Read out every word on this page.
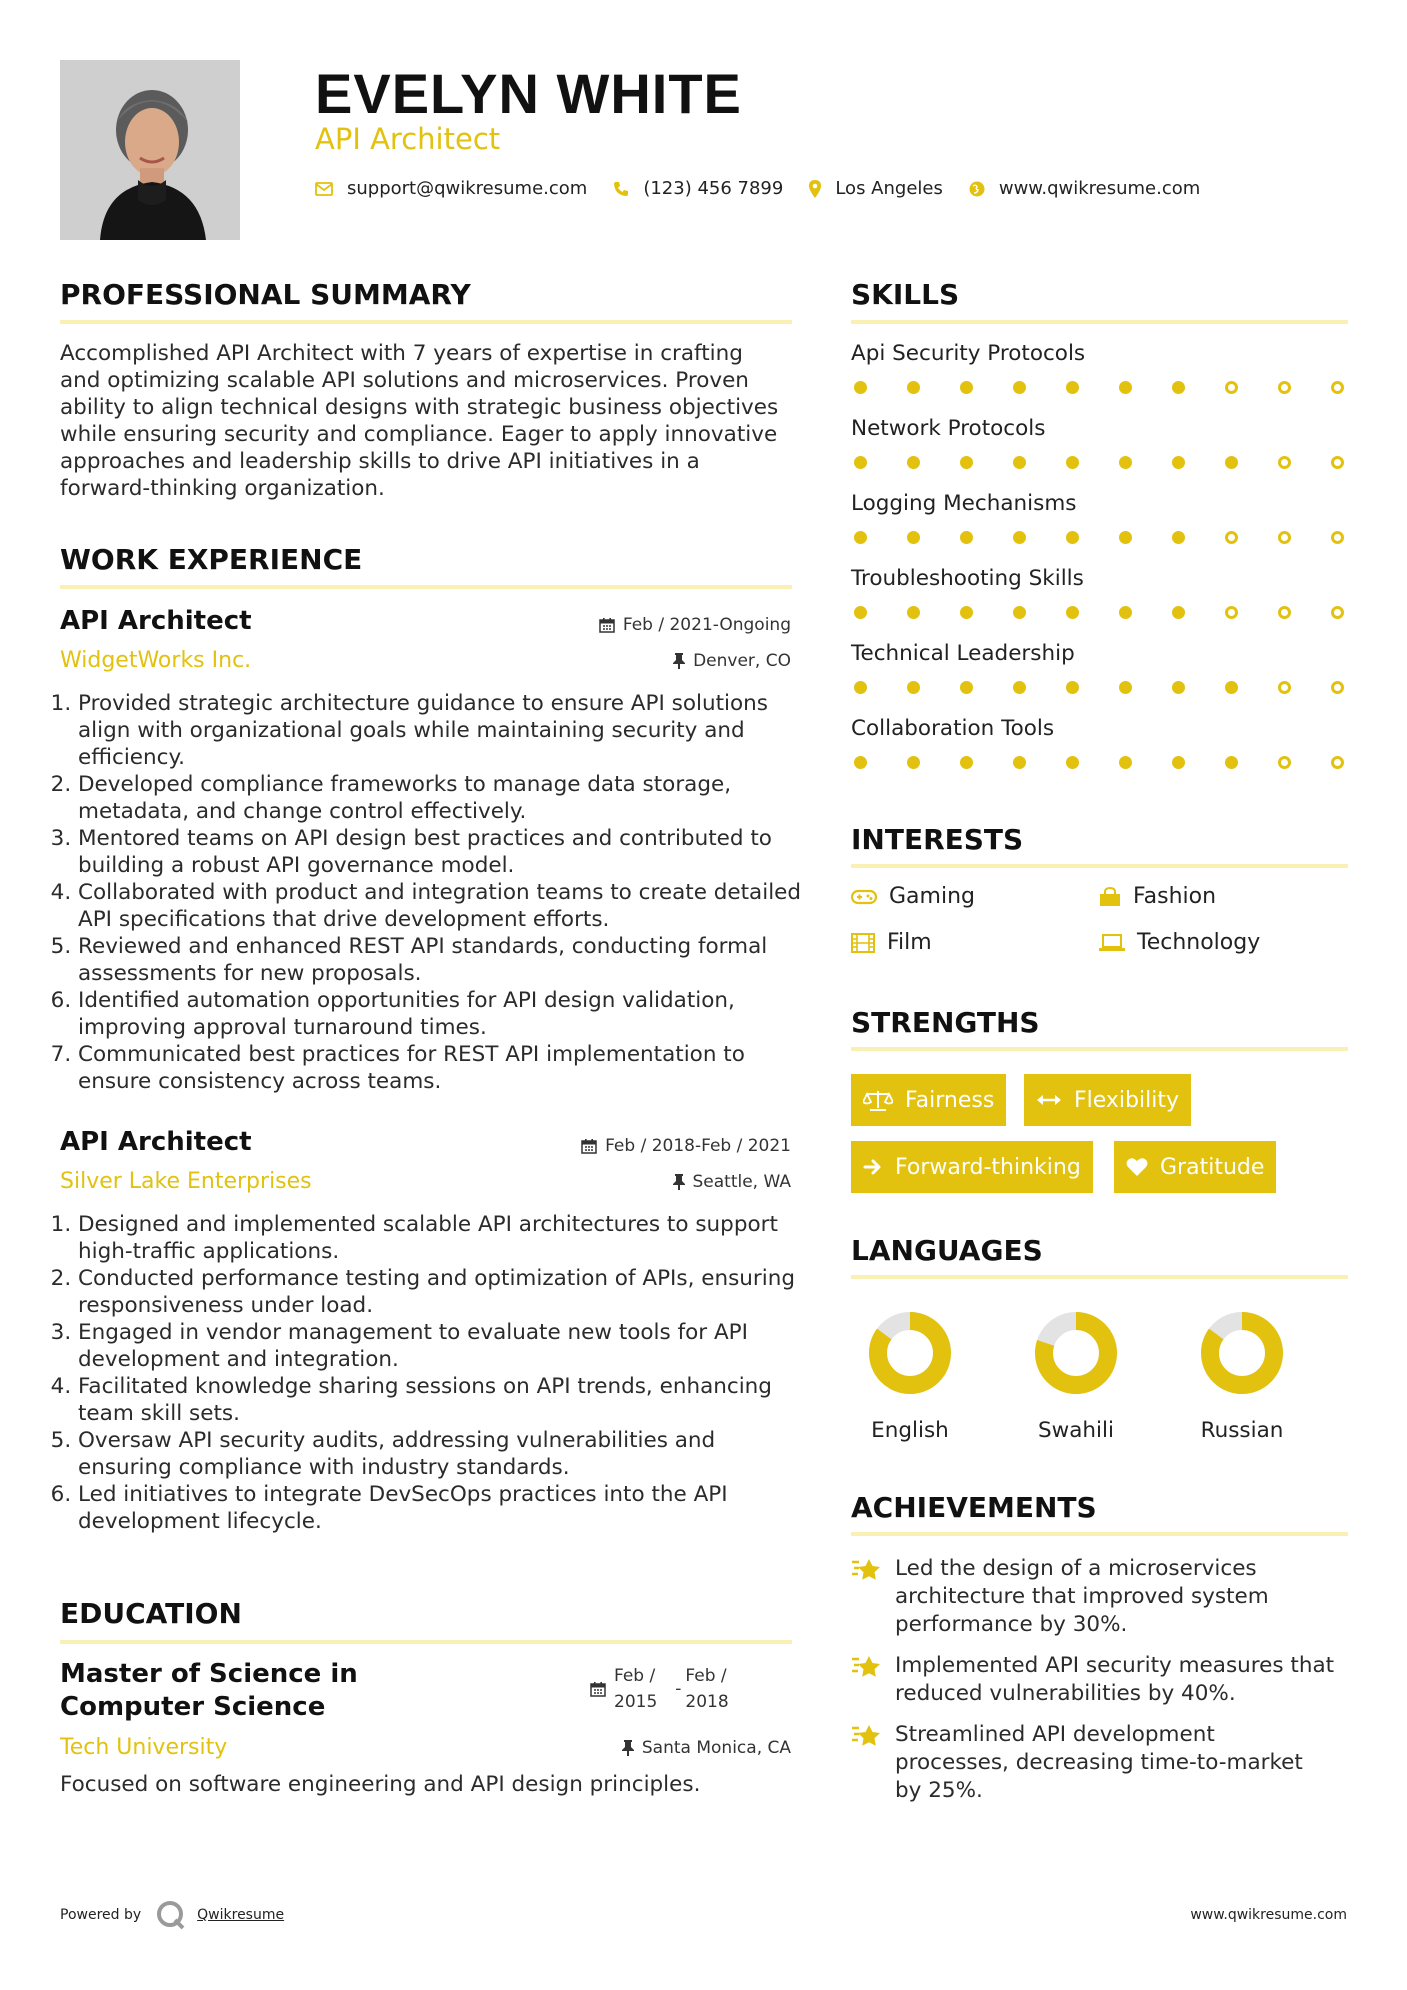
EVELYN WHITE

API Architect

support@qwikresume.com	(123) 456 7899	Los Angeles	www.qwikresume.com
PROFESSIONAL SUMMARY

Accomplished API Architect with 7 years of expertise in crafting and optimizing scalable API solutions and microservices. Proven ability to align technical designs with strategic business objectives while ensuring security and compliance. Eager to apply innovative approaches and leadership skills to drive API initiatives in a forward-thinking organization.

WORK EXPERIENCE
API Architect	Feb / 2021-Ongoing

WidgetWorks Inc.	Denver, CO
1. Provided strategic architecture guidance to ensure API solutions align with organizational goals while maintaining security and efficiency.
2. Developed compliance frameworks to manage data storage, metadata, and change control effectively.
3. Mentored teams on API design best practices and contributed to building a robust API governance model.
4. Collaborated with product and integration teams to create detailed API specifications that drive development efforts.
5. Reviewed and enhanced REST API standards, conducting formal assessments for new proposals.
6. Identified automation opportunities for API design validation, improving approval turnaround times.
7. Communicated best practices for REST API implementation to ensure consistency across teams.
API Architect	Feb / 2018-Feb / 2021

Silver Lake Enterprises	Seattle, WA
1. Designed and implemented scalable API architectures to support high-traffic applications.
2. Conducted performance testing and optimization of APIs, ensuring responsiveness under load.
3. Engaged in vendor management to evaluate new tools for API development and integration.
4. Facilitated knowledge sharing sessions on API trends, enhancing team skill sets.
5. Oversaw API security audits, addressing vulnerabilities and ensuring compliance with industry standards.
6. Led initiatives to integrate DevSecOps practices into the API development lifecycle.
EDUCATION
Master of Science in Computer Science
Feb /
2015
-
Feb /
2018

Tech University	Santa Monica, CA

Focused on software engineering and API design principles.

SKILLS

Api Security Protocols

Network Protocols

Logging Mechanisms

Troubleshooting Skills

Technical Leadership

Collaboration Tools

INTERESTS
Gaming	Fashion
Film	Technology
STRENGTHS
Fairness	Flexibility
Forward-thinking	Gratitude
LANGUAGES
English	Swahili	Russian
ACHIEVEMENTS

Led the design of a microservices architecture that improved system performance by 30%.

Implemented API security measures that reduced vulnerabilities by 40%.

Streamlined API development processes, decreasing time-to-market by 25%.

Powered by	Qwikresume	www.qwikresume.com
